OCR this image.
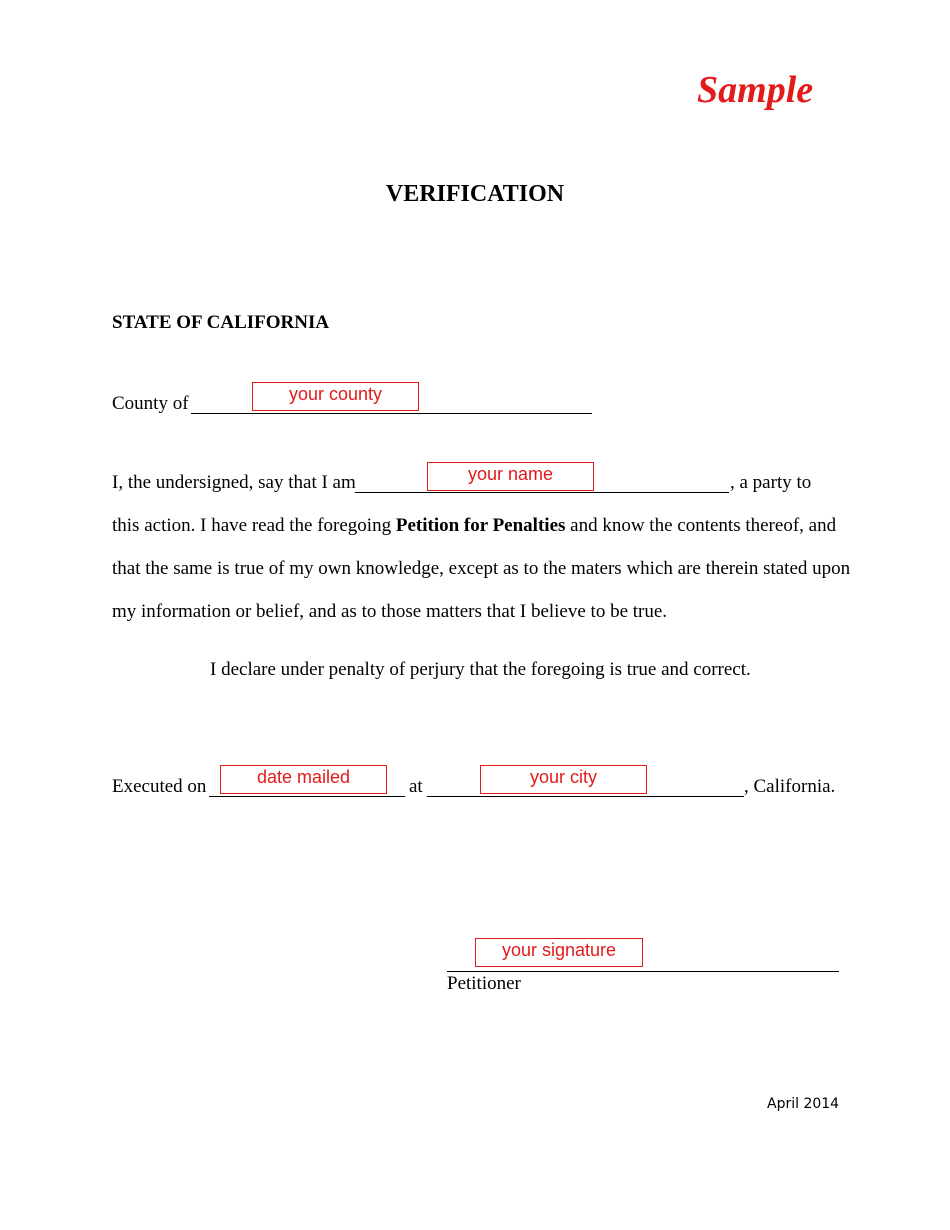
Sample
VERIFICATION
STATE OF CALIFORNIA
County of	your county
I, the undersigned, say that I am	your name	, a party to
this action. I have read the foregoing Petition for Penalties and know the contents thereof, and
that the same is true of my own knowledge, except as to the maters which are therein stated upon
my information or belief, and as to those matters that I believe to be true.
I declare under penalty of perjury that the foregoing is true and correct.
Executed on	date mailed	at	your city	, California.
your signature
Petitioner
April 2014
